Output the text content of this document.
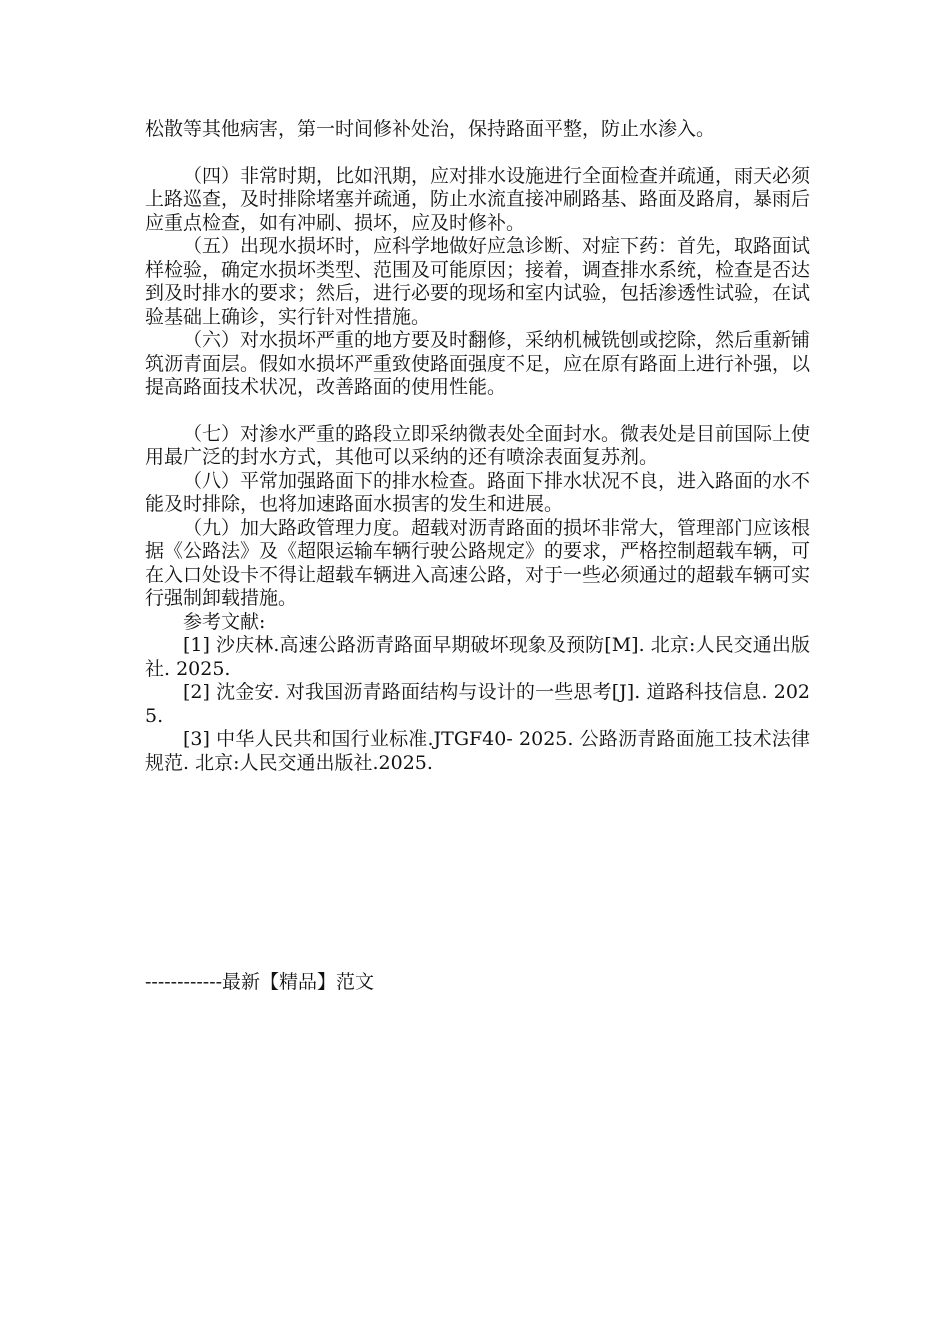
松散等其他病害，第一时间修补处治，保持路面平整，防止水渗入。

（四）非常时期，比如汛期，应对排水设施进行全面检查并疏通，雨天必须上路巡查，及时排除堵塞并疏通，防止水流直接冲刷路基、路面及路肩，暴雨后应重点检查，如有冲刷、损坏，应及时修补。

（五）出现水损坏时，应科学地做好应急诊断、对症下药：首先，取路面试样检验，确定水损坏类型、范围及可能原因；接着，调查排水系统，检查是否达到及时排水的要求；然后，进行必要的现场和室内试验，包括渗透性试验，在试验基础上确诊，实行针对性措施。

（六）对水损坏严重的地方要及时翻修，采纳机械铣刨或挖除，然后重新铺筑沥青面层。假如水损坏严重致使路面强度不足，应在原有路面上进行补强，以提高路面技术状况，改善路面的使用性能。

（七）对渗水严重的路段立即采纳微表处全面封水。微表处是目前国际上使用最广泛的封水方式，其他可以采纳的还有喷涂表面复苏剂。

（八）平常加强路面下的排水检查。路面下排水状况不良，进入路面的水不能及时排除，也将加速路面水损害的发生和进展。

（九）加大路政管理力度。超载对沥青路面的损坏非常大，管理部门应该根据《公路法》及《超限运输车辆行驶公路规定》的要求，严格控制超载车辆，可在入口处设卡不得让超载车辆进入高速公路，对于一些必须通过的超载车辆可实行强制卸载措施。

参考文献:

[1] 沙庆林.高速公路沥青路面早期破坏现象及预防[M]. 北京:人民交通出版社. 2025.

[2] 沈金安. 对我国沥青路面结构与设计的一些思考[J]. 道路科技信息. 2025.

[3] 中华人民共和国行业标准.JTGF40- 2025. 公路沥青路面施工技术法律规范. 北京:人民交通出版社.2025.

------------最新【精品】范文
